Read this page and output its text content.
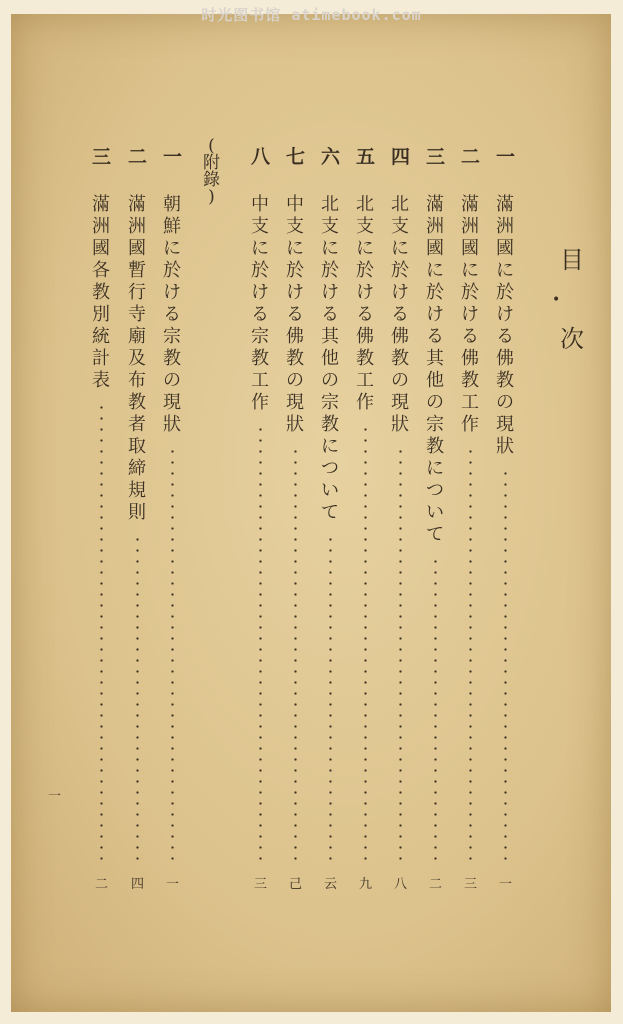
时光图书馆 atimebook.com
目
次
•
一
滿
洲
國
に
於
け
る
佛
教
の
現
狀
一
二
滿
洲
國
に
於
け
る
佛
教
工
作
三
三
滿
洲
國
に
於
け
る
其
他
の
宗
教
に
つ
い
て
二
四
北
支
に
於
け
る
佛
教
の
現
狀
八
五
北
支
に
於
け
る
佛
教
工
作
九
六
北
支
に
於
け
る
其
他
の
宗
教
に
つ
い
て
云
七
中
支
に
於
け
る
佛
教
の
現
狀
己
八
中
支
に
於
け
る
宗
教
工
作
三
一
朝
鮮
に
於
け
る
宗
教
の
現
狀
一
二
滿
洲
國
暫
行
寺
廟
及
布
教
者
取
締
規
則
四
三
滿
洲
國
各
教
別
統
計
表
二
(
附
錄
)
一
